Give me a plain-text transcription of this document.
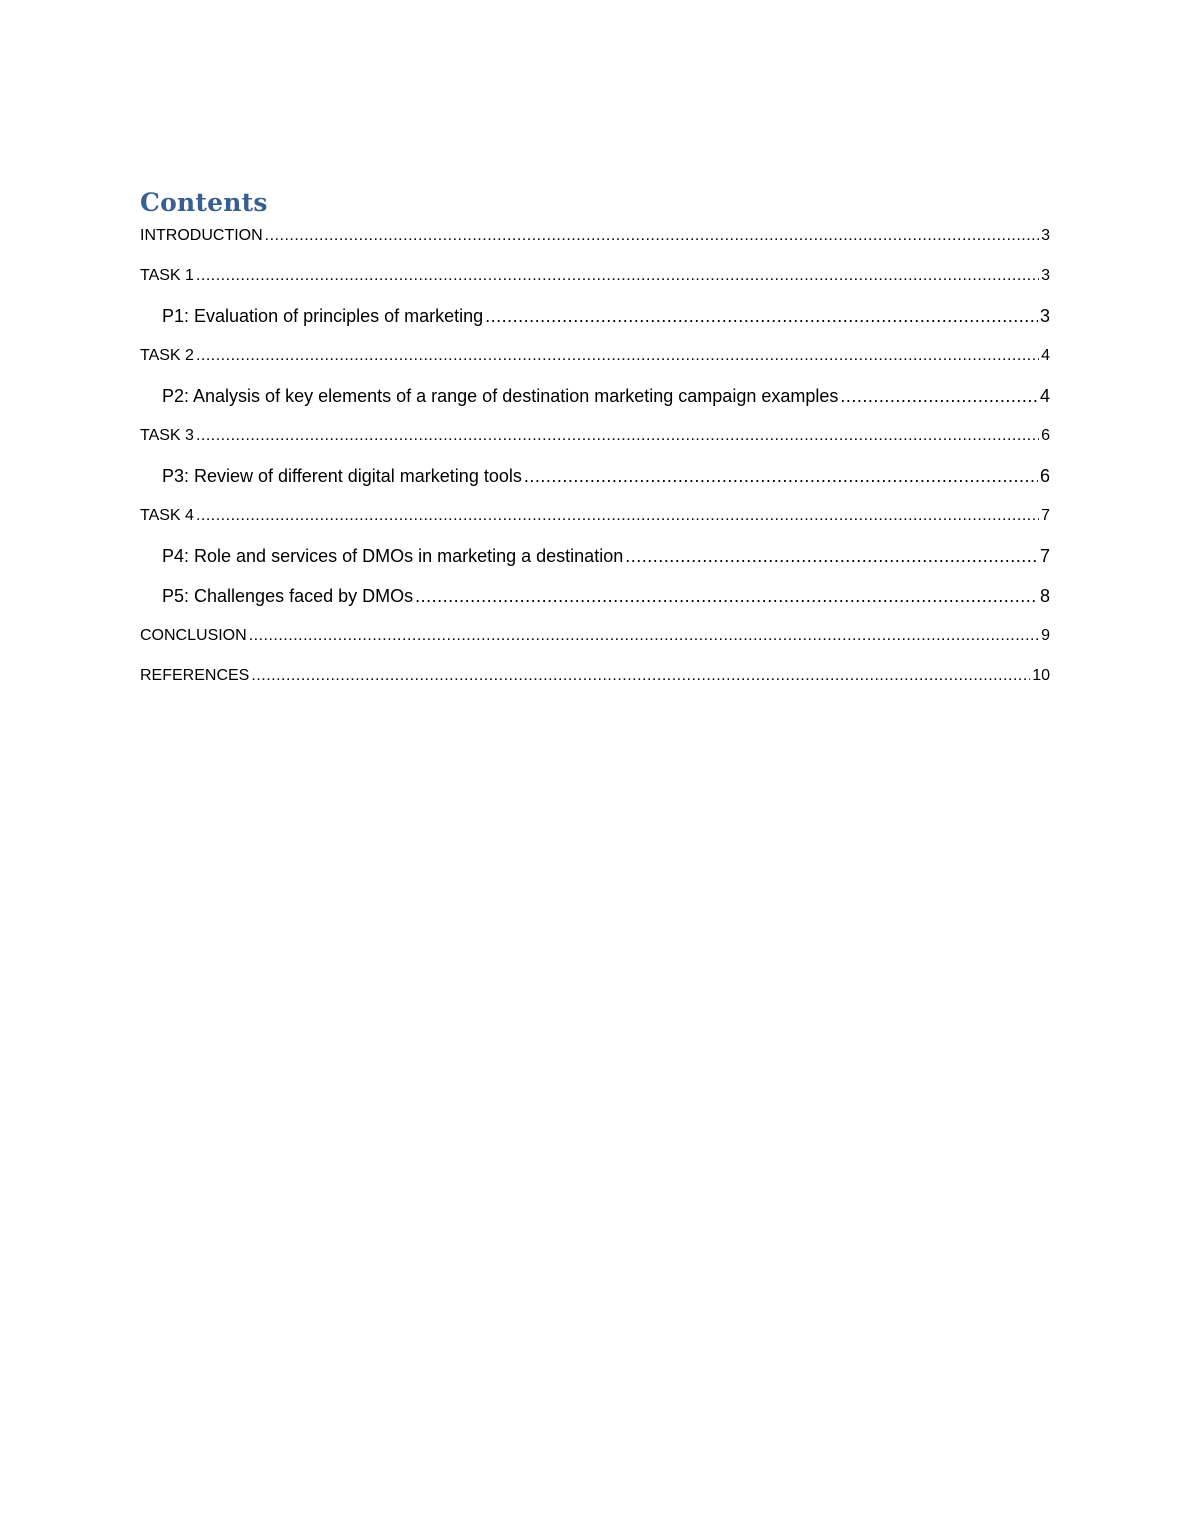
Contents
INTRODUCTION .....	3
TASK 1 .....	3
P1: Evaluation of principles of marketing .....	3
TASK 2 .....	4
P2: Analysis of key elements of a range of destination marketing campaign examples .....	4
TASK 3 .....	6
P3: Review of different digital marketing tools .....	6
TASK 4 .....	7
P4: Role and services of DMOs in marketing a destination .....	7
P5: Challenges faced by DMOs .....	8
CONCLUSION .....	9
REFERENCES .....	10
